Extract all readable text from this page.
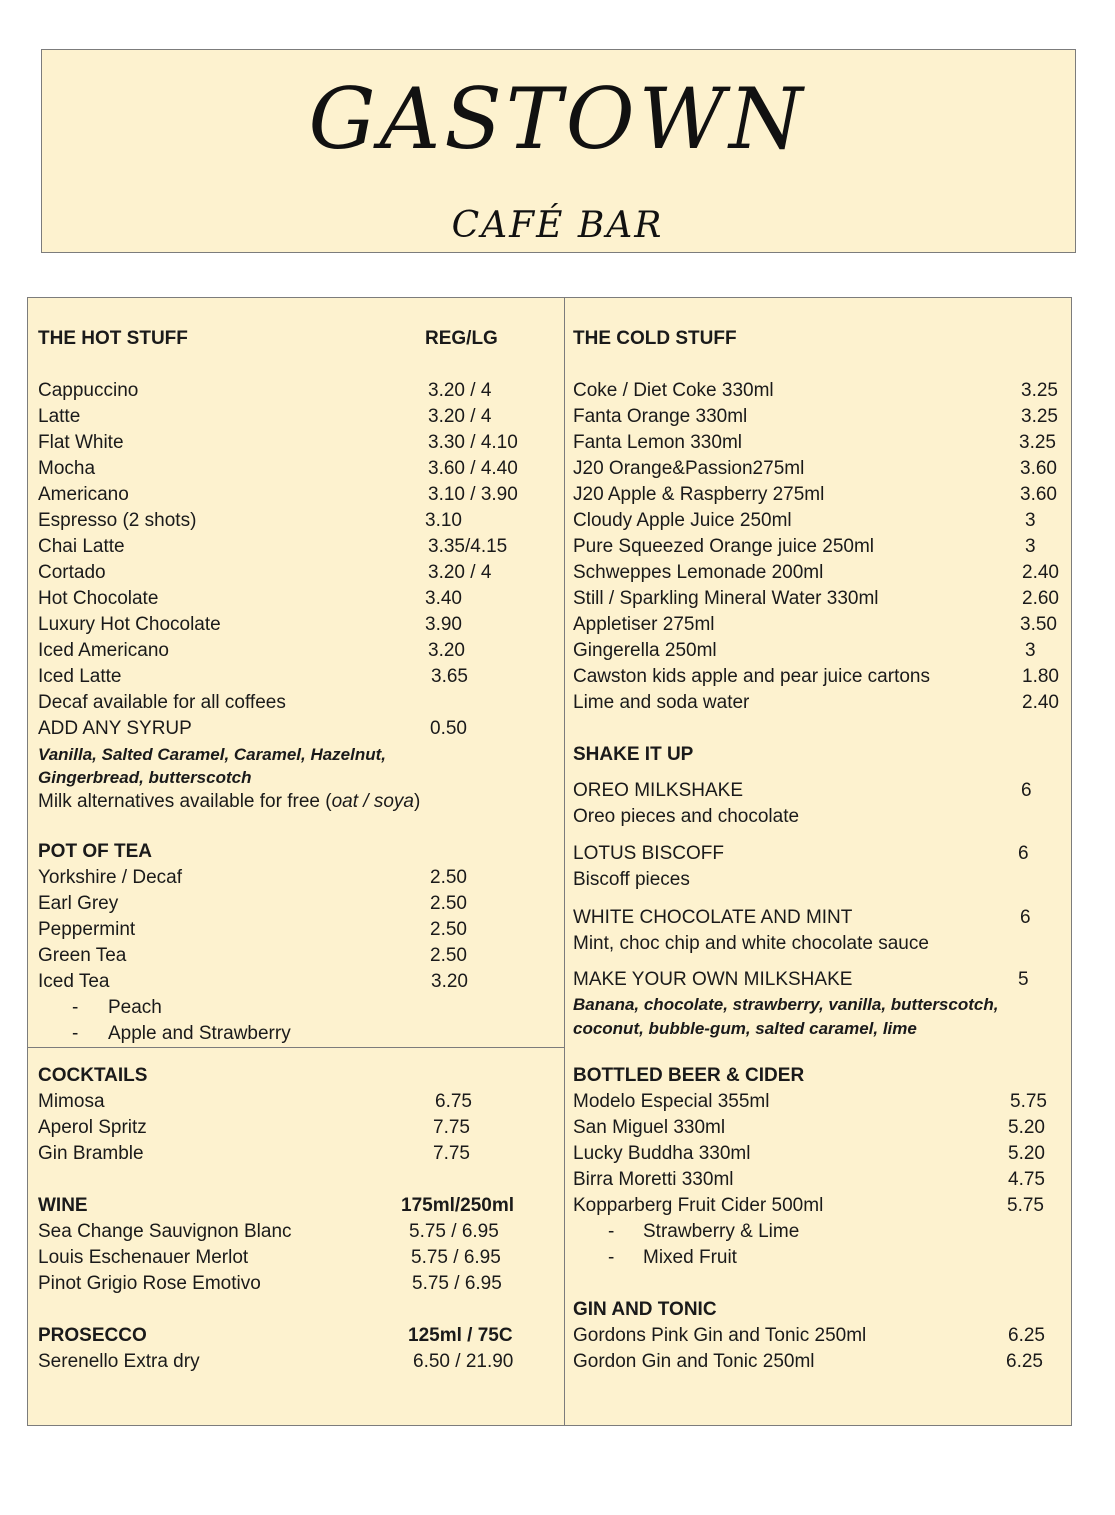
GASTOWN
CAFÉ BAR
THE HOT STUFF	REG/LG
Cappuccino	3.20 / 4
Latte	3.20 / 4
Flat White	3.30 / 4.10
Mocha	3.60 / 4.40
Americano	3.10 / 3.90
Espresso (2 shots)	3.10
Chai Latte	3.35/4.15
Cortado	3.20 / 4
Hot Chocolate	3.40
Luxury Hot Chocolate	3.90
Iced Americano	3.20
Iced Latte	3.65
Decaf available for all coffees
ADD ANY SYRUP	0.50
Vanilla, Salted Caramel, Caramel, Hazelnut,
Gingerbread, butterscotch
Milk alternatives available for free (oat / soya)
POT OF TEA
Yorkshire / Decaf	2.50
Earl Grey	2.50
Peppermint	2.50
Green Tea	2.50
Iced Tea	3.20
- Peach
- Apple and Strawberry
COCKTAILS
Mimosa	6.75
Aperol Spritz	7.75
Gin Bramble	7.75
WINE	175ml/250ml
Sea Change Sauvignon Blanc	5.75 / 6.95
Louis Eschenauer Merlot	5.75 / 6.95
Pinot Grigio Rose Emotivo	5.75 / 6.95
PROSECCO	125ml / 75C
Serenello Extra dry	6.50 / 21.90
THE COLD STUFF
Coke / Diet Coke 330ml	3.25
Fanta Orange 330ml	3.25
Fanta Lemon 330ml	3.25
J20 Orange&Passion275ml	3.60
J20 Apple & Raspberry 275ml	3.60
Cloudy Apple Juice 250ml	3
Pure Squeezed Orange juice 250ml	3
Schweppes Lemonade 200ml	2.40
Still / Sparkling Mineral Water 330ml	2.60
Appletiser 275ml	3.50
Gingerella 250ml	3
Cawston kids apple and pear juice cartons	1.80
Lime and soda water	2.40
SHAKE IT UP
OREO MILKSHAKE	6
Oreo pieces and chocolate
LOTUS BISCOFF	6
Biscoff pieces
WHITE CHOCOLATE AND MINT	6
Mint, choc chip and white chocolate sauce
MAKE YOUR OWN MILKSHAKE	5
Banana, chocolate, strawberry, vanilla, butterscotch,
coconut, bubble-gum, salted caramel, lime
BOTTLED BEER & CIDER
Modelo Especial 355ml	5.75
San Miguel 330ml	5.20
Lucky Buddha 330ml	5.20
Birra Moretti 330ml	4.75
Kopparberg Fruit Cider 500ml	5.75
- Strawberry & Lime
- Mixed Fruit
GIN AND TONIC
Gordons Pink Gin and Tonic 250ml	6.25
Gordon Gin and Tonic 250ml	6.25
